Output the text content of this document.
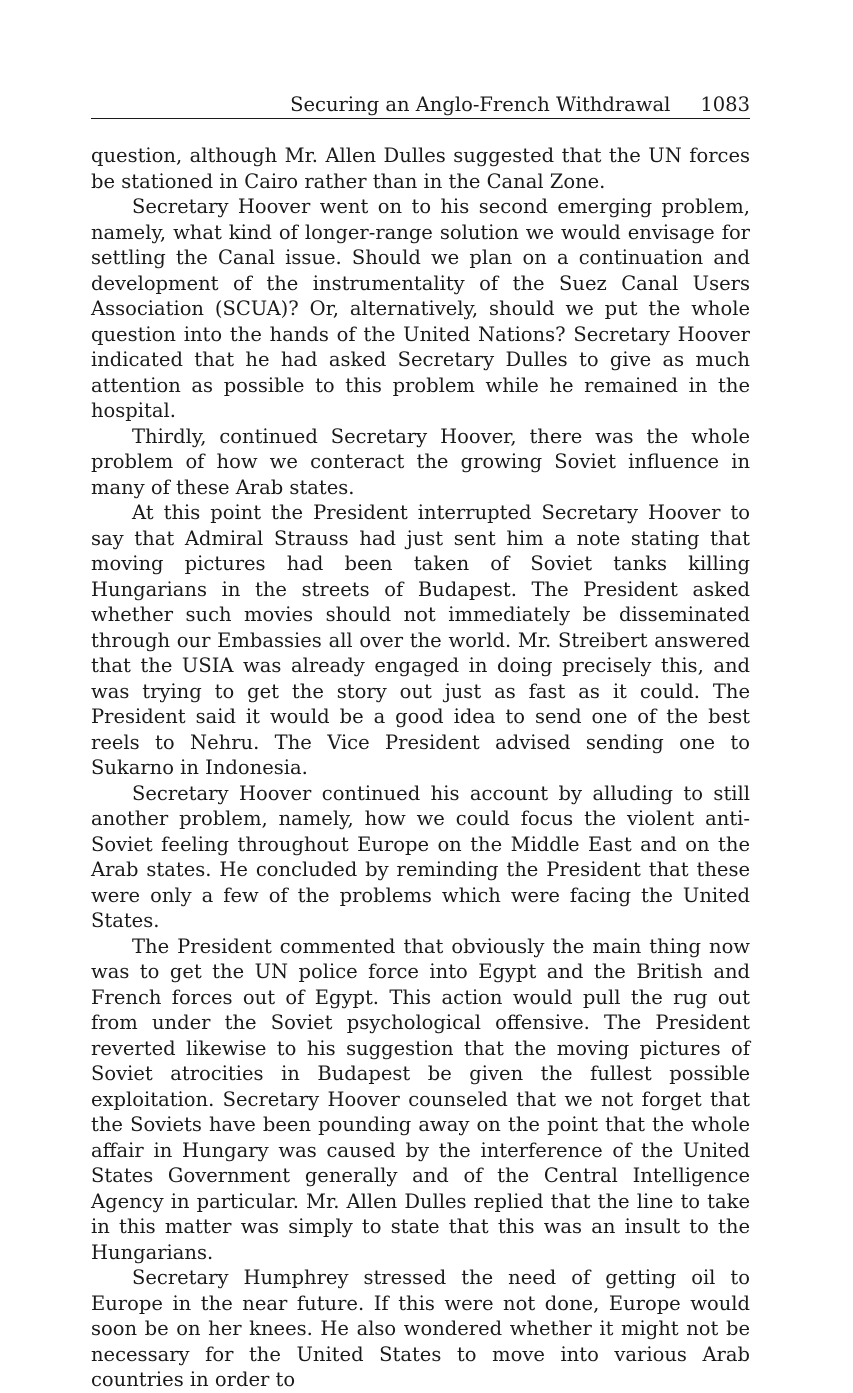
Securing an Anglo-French Withdrawal 1083

question, although Mr. Allen Dulles suggested that the UN forces be stationed in Cairo rather than in the Canal Zone.

Secretary Hoover went on to his second emerging problem, namely, what kind of longer-range solution we would envisage for settling the Canal issue. Should we plan on a continuation and development of the instrumentality of the Suez Canal Users Association (SCUA)? Or, alternatively, should we put the whole question into the hands of the United Nations? Secretary Hoover indicated that he had asked Secretary Dulles to give as much attention as possible to this problem while he remained in the hospital.

Thirdly, continued Secretary Hoover, there was the whole problem of how we conteract the growing Soviet influence in many of these Arab states.

At this point the President interrupted Secretary Hoover to say that Admiral Strauss had just sent him a note stating that moving pictures had been taken of Soviet tanks killing Hungarians in the streets of Budapest. The President asked whether such movies should not immediately be disseminated through our Embassies all over the world. Mr. Streibert answered that the USIA was already engaged in doing precisely this, and was trying to get the story out just as fast as it could. The President said it would be a good idea to send one of the best reels to Nehru. The Vice President advised sending one to Sukarno in Indonesia.

Secretary Hoover continued his account by alluding to still another problem, namely, how we could focus the violent anti-Soviet feeling throughout Europe on the Middle East and on the Arab states. He concluded by reminding the President that these were only a few of the problems which were facing the United States.

The President commented that obviously the main thing now was to get the UN police force into Egypt and the British and French forces out of Egypt. This action would pull the rug out from under the Soviet psychological offensive. The President reverted likewise to his suggestion that the moving pictures of Soviet atrocities in Budapest be given the fullest possible exploitation. Secretary Hoover counseled that we not forget that the Soviets have been pounding away on the point that the whole affair in Hungary was caused by the interference of the United States Government generally and of the Central Intelligence Agency in particular. Mr. Allen Dulles replied that the line to take in this matter was simply to state that this was an insult to the Hungarians.

Secretary Humphrey stressed the need of getting oil to Europe in the near future. If this were not done, Europe would soon be on her knees. He also wondered whether it might not be necessary for the United States to move into various Arab countries in order to
